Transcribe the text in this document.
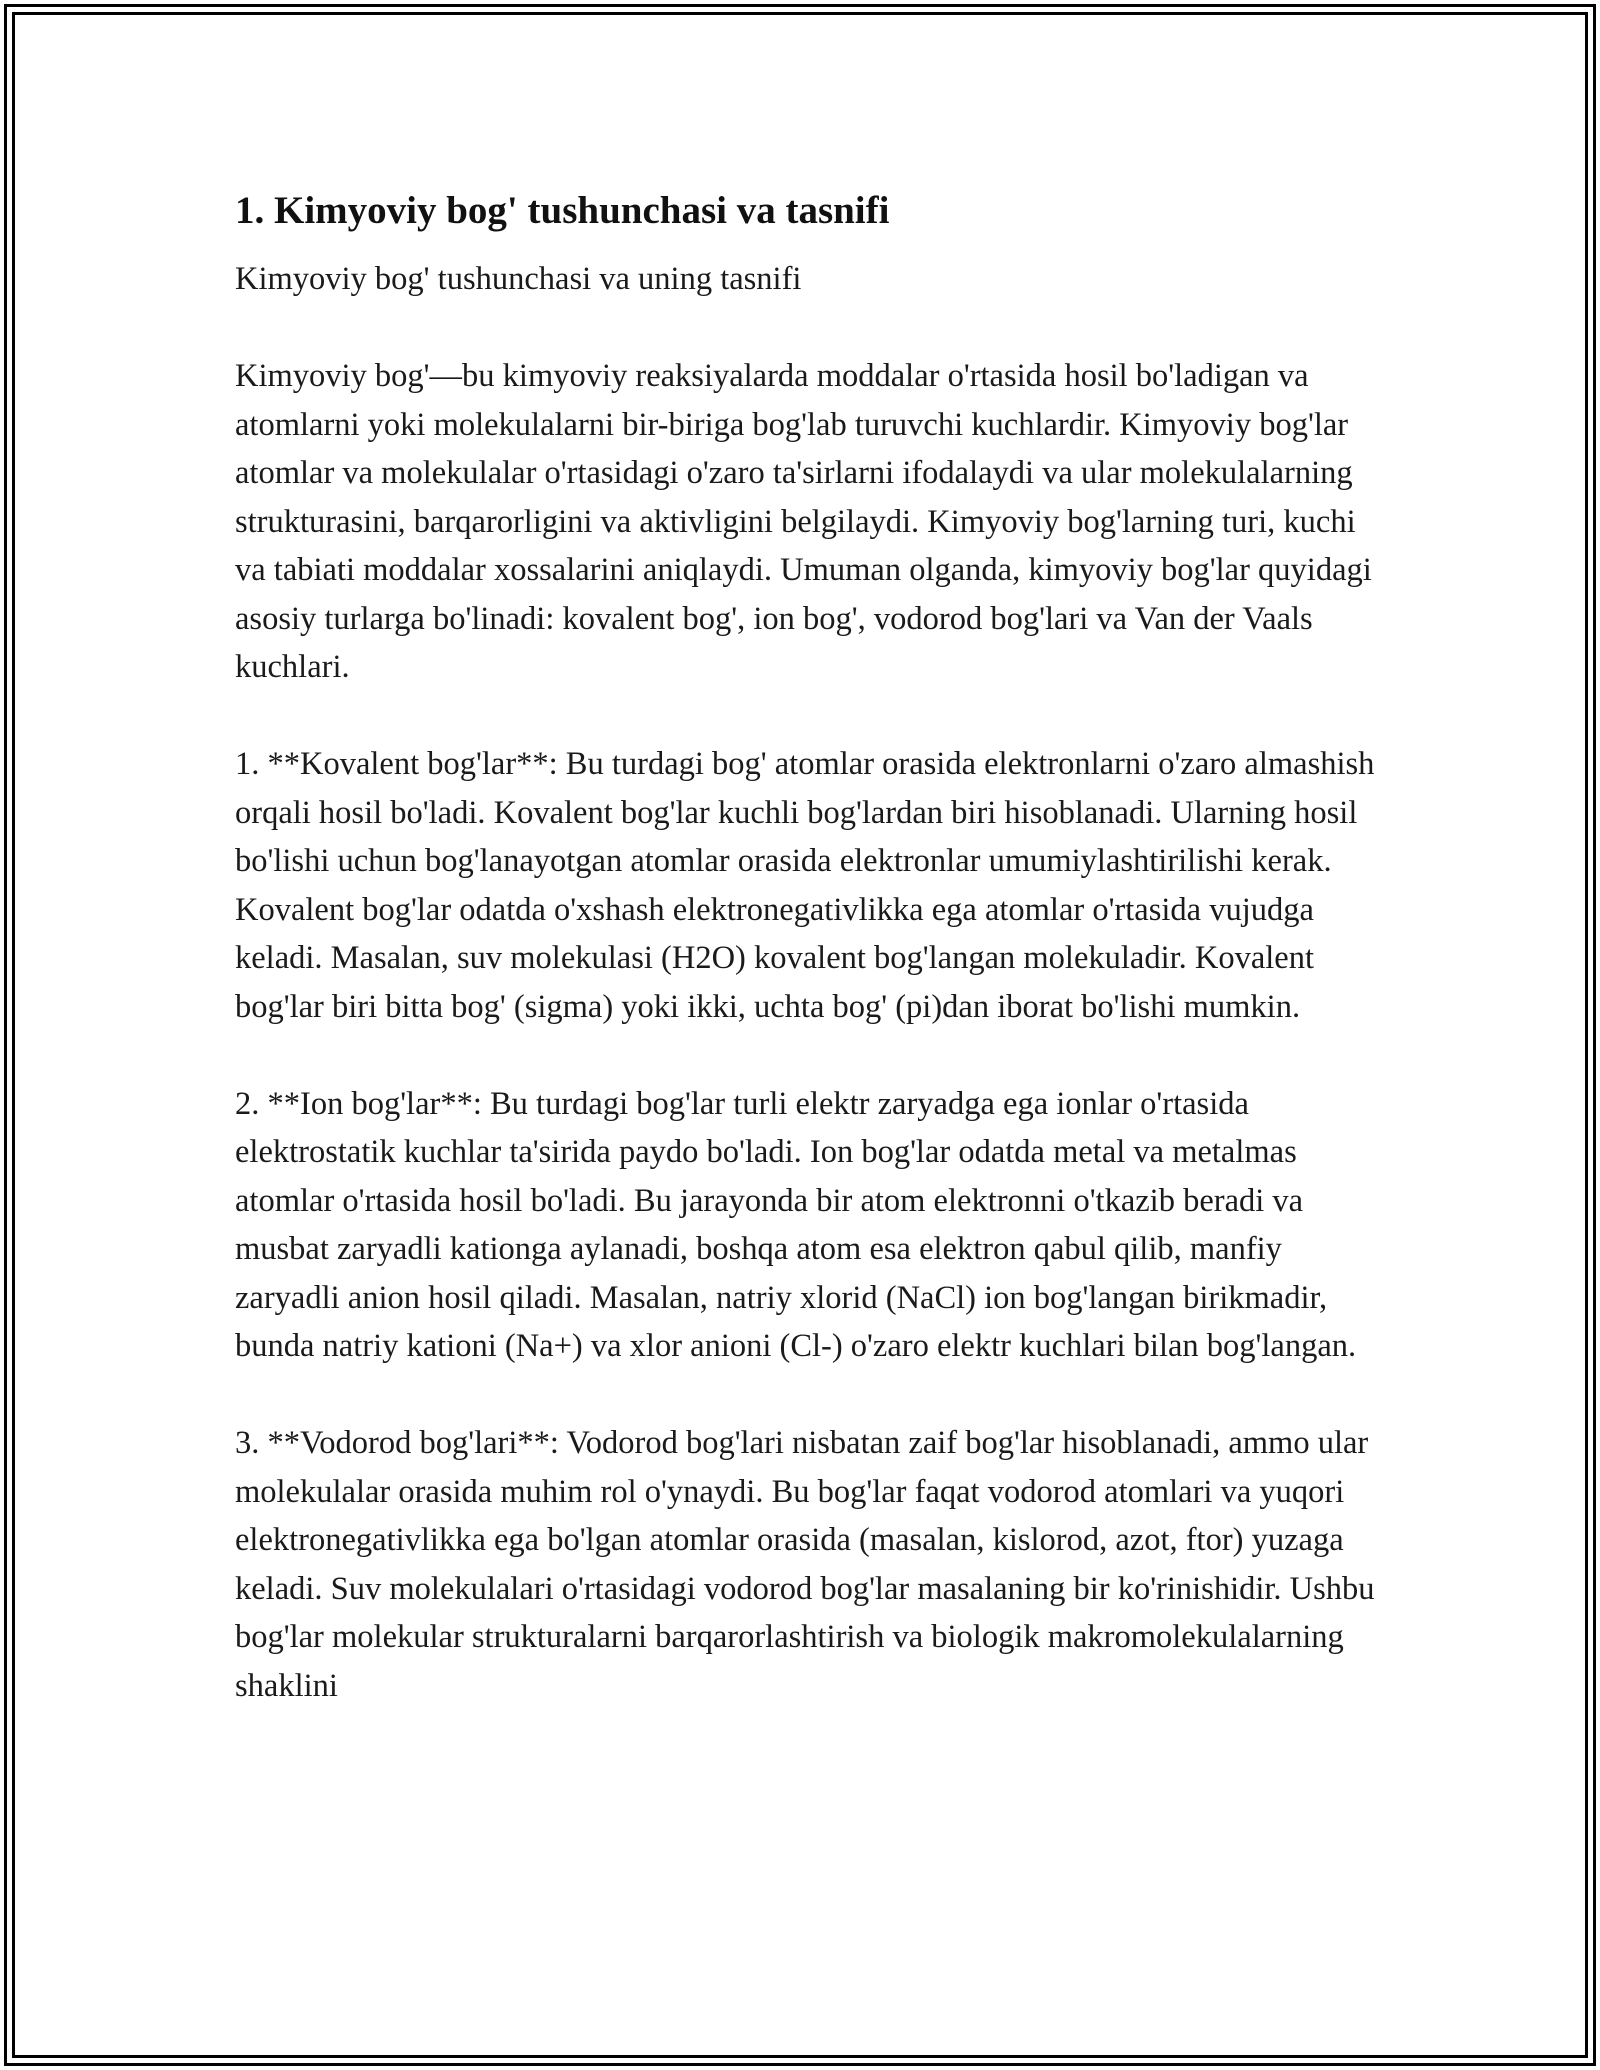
1. Kimyoviy bog' tushunchasi va tasnifi

Kimyoviy bog' tushunchasi va uning tasnifi

Kimyoviy bog'—bu kimyoviy reaksiyalarda moddalar o'rtasida hosil bo'ladigan va atomlarni yoki molekulalarni bir-biriga bog'lab turuvchi kuchlardir. Kimyoviy bog'lar atomlar va molekulalar o'rtasidagi o'zaro ta'sirlarni ifodalaydi va ular molekulalarning strukturasini, barqarorligini va aktivligini belgilaydi. Kimyoviy bog'larning turi, kuchi va tabiati moddalar xossalarini aniqlaydi. Umuman olganda, kimyoviy bog'lar quyidagi asosiy turlarga bo'linadi: kovalent bog', ion bog', vodorod bog'lari va Van der Vaals kuchlari.

1. **Kovalent bog'lar**: Bu turdagi bog' atomlar orasida elektronlarni o'zaro almashish orqali hosil bo'ladi. Kovalent bog'lar kuchli bog'lardan biri hisoblanadi. Ularning hosil bo'lishi uchun bog'lanayotgan atomlar orasida elektronlar umumiylashtirilishi kerak. Kovalent bog'lar odatda o'xshash elektronegativlikka ega atomlar o'rtasida vujudga keladi. Masalan, suv molekulasi (H2O) kovalent bog'langan molekuladir. Kovalent bog'lar biri bitta bog' (sigma) yoki ikki, uchta bog' (pi)dan iborat bo'lishi mumkin.

2. **Ion bog'lar**: Bu turdagi bog'lar turli elektr zaryadga ega ionlar o'rtasida elektrostatik kuchlar ta'sirida paydo bo'ladi. Ion bog'lar odatda metal va metalmas atomlar o'rtasida hosil bo'ladi. Bu jarayonda bir atom elektronni o'tkazib beradi va musbat zaryadli kationga aylanadi, boshqa atom esa elektron qabul qilib, manfiy zaryadli anion hosil qiladi. Masalan, natriy xlorid (NaCl) ion bog'langan birikmadir, bunda natriy kationi (Na+) va xlor anioni (Cl-) o'zaro elektr kuchlari bilan bog'langan.

3. **Vodorod bog'lari**: Vodorod bog'lari nisbatan zaif bog'lar hisoblanadi, ammo ular molekulalar orasida muhim rol o'ynaydi. Bu bog'lar faqat vodorod atomlari va yuqori elektronegativlikka ega bo'lgan atomlar orasida (masalan, kislorod, azot, ftor) yuzaga keladi. Suv molekulalari o'rtasidagi vodorod bog'lar masalaning bir ko'rinishidir. Ushbu bog'lar molekular strukturalarni barqarorlashtirish va biologik makromolekulalarning shaklini
